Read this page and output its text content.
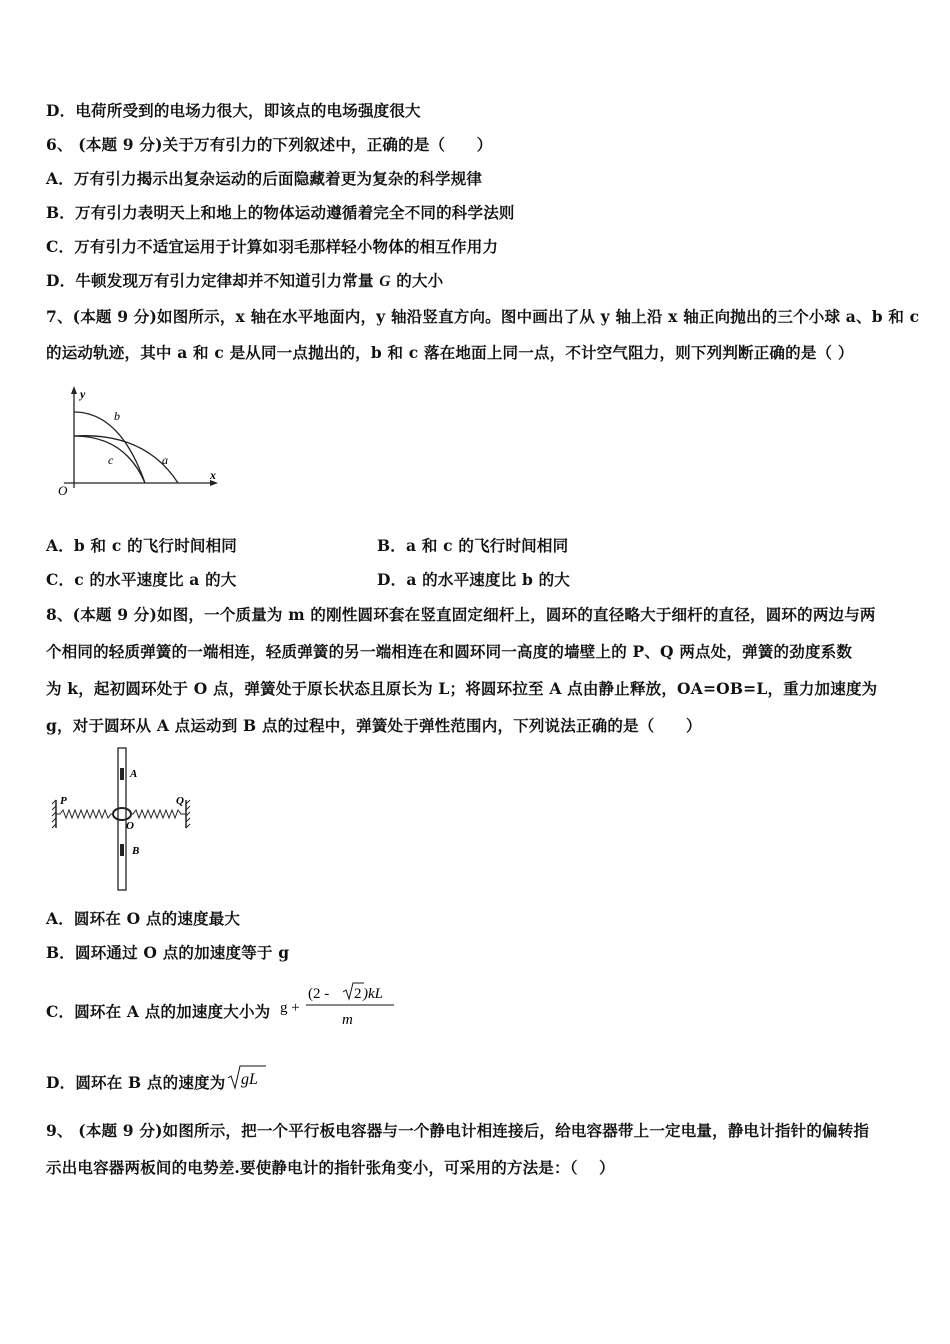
D．电荷所受到的电场力很大，即该点的电场强度很大
6、 (本题 9 分)关于万有引力的下列叙述中，正确的是（　　）
A．万有引力揭示出复杂运动的后面隐藏着更为复杂的科学规律
B．万有引力表明天上和地上的物体运动遵循着完全不同的科学法则
C．万有引力不适宜运用于计算如羽毛那样轻小物体的相互作用力
D．牛顿发现万有引力定律却并不知道引力常量 G 的大小
7、(本题 9 分)如图所示，x 轴在水平地面内，y 轴沿竖直方向。图中画出了从 y 轴上沿 x 轴正向抛出的三个小球 a、b 和 c
的运动轨迹，其中 a 和 c 是从同一点抛出的，b 和 c 落在地面上同一点，不计空气阻力，则下列判断正确的是（ ）
y
x
O
b
c	a
A．b 和 c 的飞行时间相同	B．a 和 c 的飞行时间相同
C．c 的水平速度比 a 的大	D．a 的水平速度比 b 的大
8、(本题 9 分)如图，一个质量为 m 的刚性圆环套在竖直固定细杆上，圆环的直径略大于细杆的直径，圆环的两边与两
个相同的轻质弹簧的一端相连，轻质弹簧的另一端相连在和圆环同一高度的墙壁上的 P、Q 两点处，弹簧的劲度系数
为 k，起初圆环处于 O 点，弹簧处于原长状态且原长为 L；将圆环拉至 A 点由静止释放，OA=OB=L，重力加速度为
g，对于圆环从 A 点运动到 B 点的过程中，弹簧处于弹性范围内，下列说法正确的是（　　）
P	Q
A
O
B
A．圆环在 O 点的速度最大
B．圆环通过 O 点的加速度等于 g
C．圆环在 A 点的加速度大小为 g +
(2 - 2 )kL
m
D．圆环在 B 点的速度为 gL
9、 (本题 9 分)如图所示，把一个平行板电容器与一个静电计相连接后，给电容器带上一定电量，静电计指针的偏转指
示出电容器两板间的电势差.要使静电计的指针张角变小，可采用的方法是：（　 ）
